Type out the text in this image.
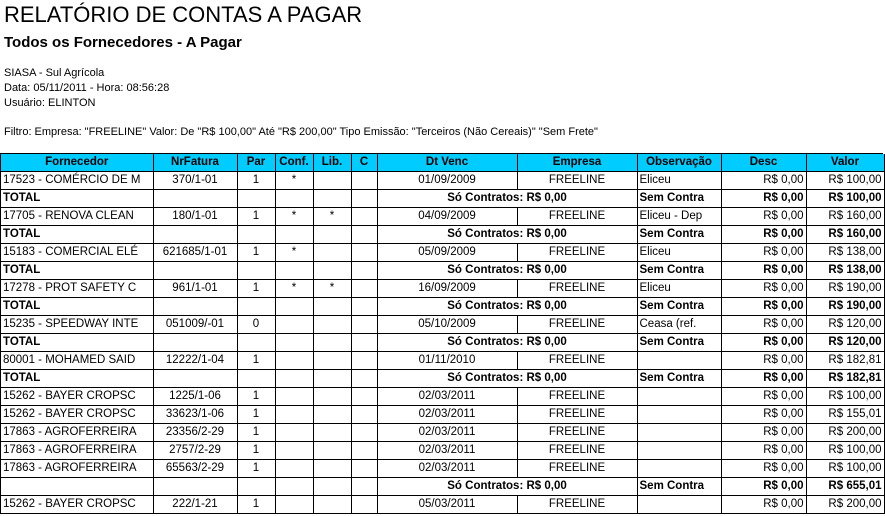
RELATÓRIO DE CONTAS A PAGAR
Todos os Fornecedores - A Pagar
SIASA - Sul Agrícola
Data: 05/11/2011 - Hora: 08:56:28
Usuário: ELINTON
Filtro: Empresa: "FREELINE" Valor: De "R$ 100,00" Até "R$ 200,00" Tipo Emissão: "Terceiros (Não Cereais)" "Sem Frete"
Fornecedor	NrFatura	Par	Conf.	Lib.	C	Dt Venc	Empresa	Observação	Desc	Valor
17523 - COMÉRCIO DE M	370/1-01	1	*			01/09/2009	FREELINE	Eliceu	R$ 0,00	R$ 100,00
TOTAL						Só Contratos: R$ 0,00		Sem Contra	R$ 0,00	R$ 100,00
17705 - RENOVA CLEAN	180/1-01	1	*	*		04/09/2009	FREELINE	Eliceu - Dep	R$ 0,00	R$ 160,00
TOTAL						Só Contratos: R$ 0,00		Sem Contra	R$ 0,00	R$ 160,00
15183 - COMERCIAL ELÉ	621685/1-01	1	*			05/09/2009	FREELINE	Eliceu	R$ 0,00	R$ 138,00
TOTAL						Só Contratos: R$ 0,00		Sem Contra	R$ 0,00	R$ 138,00
17278 - PROT SAFETY C	961/1-01	1	*	*		16/09/2009	FREELINE	Eliceu	R$ 0,00	R$ 190,00
TOTAL						Só Contratos: R$ 0,00		Sem Contra	R$ 0,00	R$ 190,00
15235 - SPEEDWAY INTE	051009/-01	0				05/10/2009	FREELINE	Ceasa (ref.	R$ 0,00	R$ 120,00
TOTAL						Só Contratos: R$ 0,00		Sem Contra	R$ 0,00	R$ 120,00
80001 - MOHAMED SAID	12222/1-04	1				01/11/2010	FREELINE		R$ 0,00	R$ 182,81
TOTAL						Só Contratos: R$ 0,00		Sem Contra	R$ 0,00	R$ 182,81
15262 - BAYER CROPSC	1225/1-06	1				02/03/2011	FREELINE		R$ 0,00	R$ 100,00
15262 - BAYER CROPSC	33623/1-06	1				02/03/2011	FREELINE		R$ 0,00	R$ 155,01
17863 - AGROFERREIRA	23356/2-29	1				02/03/2011	FREELINE		R$ 0,00	R$ 200,00
17863 - AGROFERREIRA	2757/2-29	1				02/03/2011	FREELINE		R$ 0,00	R$ 100,00
17863 - AGROFERREIRA	65563/2-29	1				02/03/2011	FREELINE		R$ 0,00	R$ 100,00
						Só Contratos: R$ 0,00		Sem Contra	R$ 0,00	R$ 655,01
15262 - BAYER CROPSC	222/1-21	1				05/03/2011	FREELINE		R$ 0,00	R$ 200,00
